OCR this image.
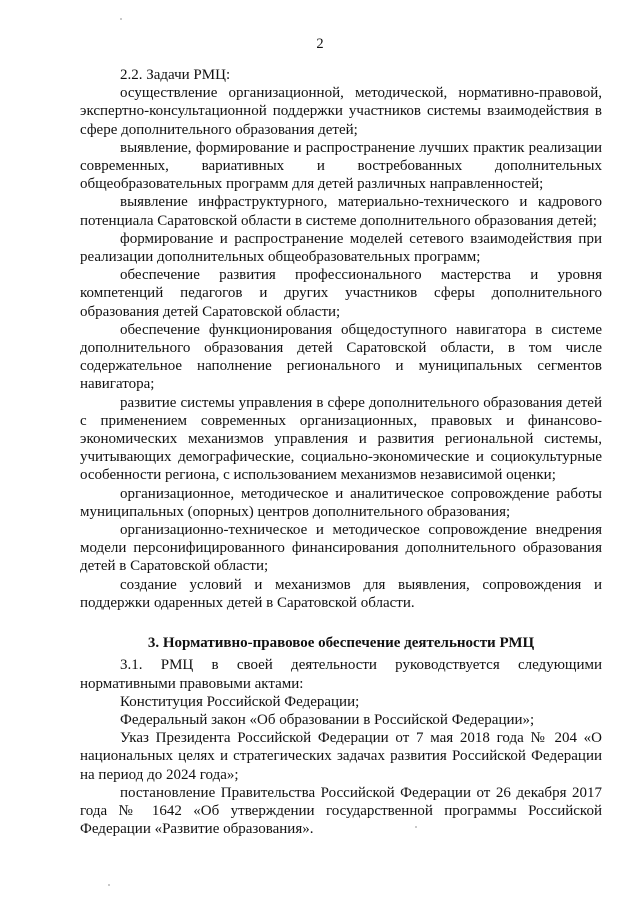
2

2.2. Задачи РМЦ:

осуществление организационной, методической, нормативно-правовой, экспертно-консультационной поддержки участников системы взаимодействия в сфере дополнительного образования детей;

выявление, формирование и распространение лучших практик реализации современных, вариативных и востребованных дополнительных общеобразовательных программ для детей различных направленностей;

выявление инфраструктурного, материально-технического и кадрового потенциала Саратовской области в системе дополнительного образования детей;

формирование и распространение моделей сетевого взаимодействия при реализации дополнительных общеобразовательных программ;

обеспечение развития профессионального мастерства и уровня компетенций педагогов и других участников сферы дополнительного образования детей Саратовской области;

обеспечение функционирования общедоступного навигатора в системе дополнительного образования детей Саратовской области, в том числе содержательное наполнение регионального и муниципальных сегментов навигатора;

развитие системы управления в сфере дополнительного образования детей с применением современных организационных, правовых и финансово-экономических механизмов управления и развития региональной системы, учитывающих демографические, социально-экономические и социокультурные особенности региона, с использованием механизмов независимой оценки;

организационное, методическое и аналитическое сопровождение работы муниципальных (опорных) центров дополнительного образования;

организационно-техническое и методическое сопровождение внедрения модели персонифицированного финансирования дополнительного образования детей в Саратовской области;

создание условий и механизмов для выявления, сопровождения и поддержки одаренных детей в Саратовской области.

3. Нормативно-правовое обеспечение деятельности РМЦ

3.1. РМЦ в своей деятельности руководствуется следующими нормативными правовыми актами:

Конституция Российской Федерации;

Федеральный закон «Об образовании в Российской Федерации»;

Указ Президента Российской Федерации от 7 мая 2018 года № 204 «О национальных целях и стратегических задачах развития Российской Федерации на период до 2024 года»;

постановление Правительства Российской Федерации от 26 декабря 2017 года № 1642 «Об утверждении государственной программы Российской Федерации «Развитие образования».
